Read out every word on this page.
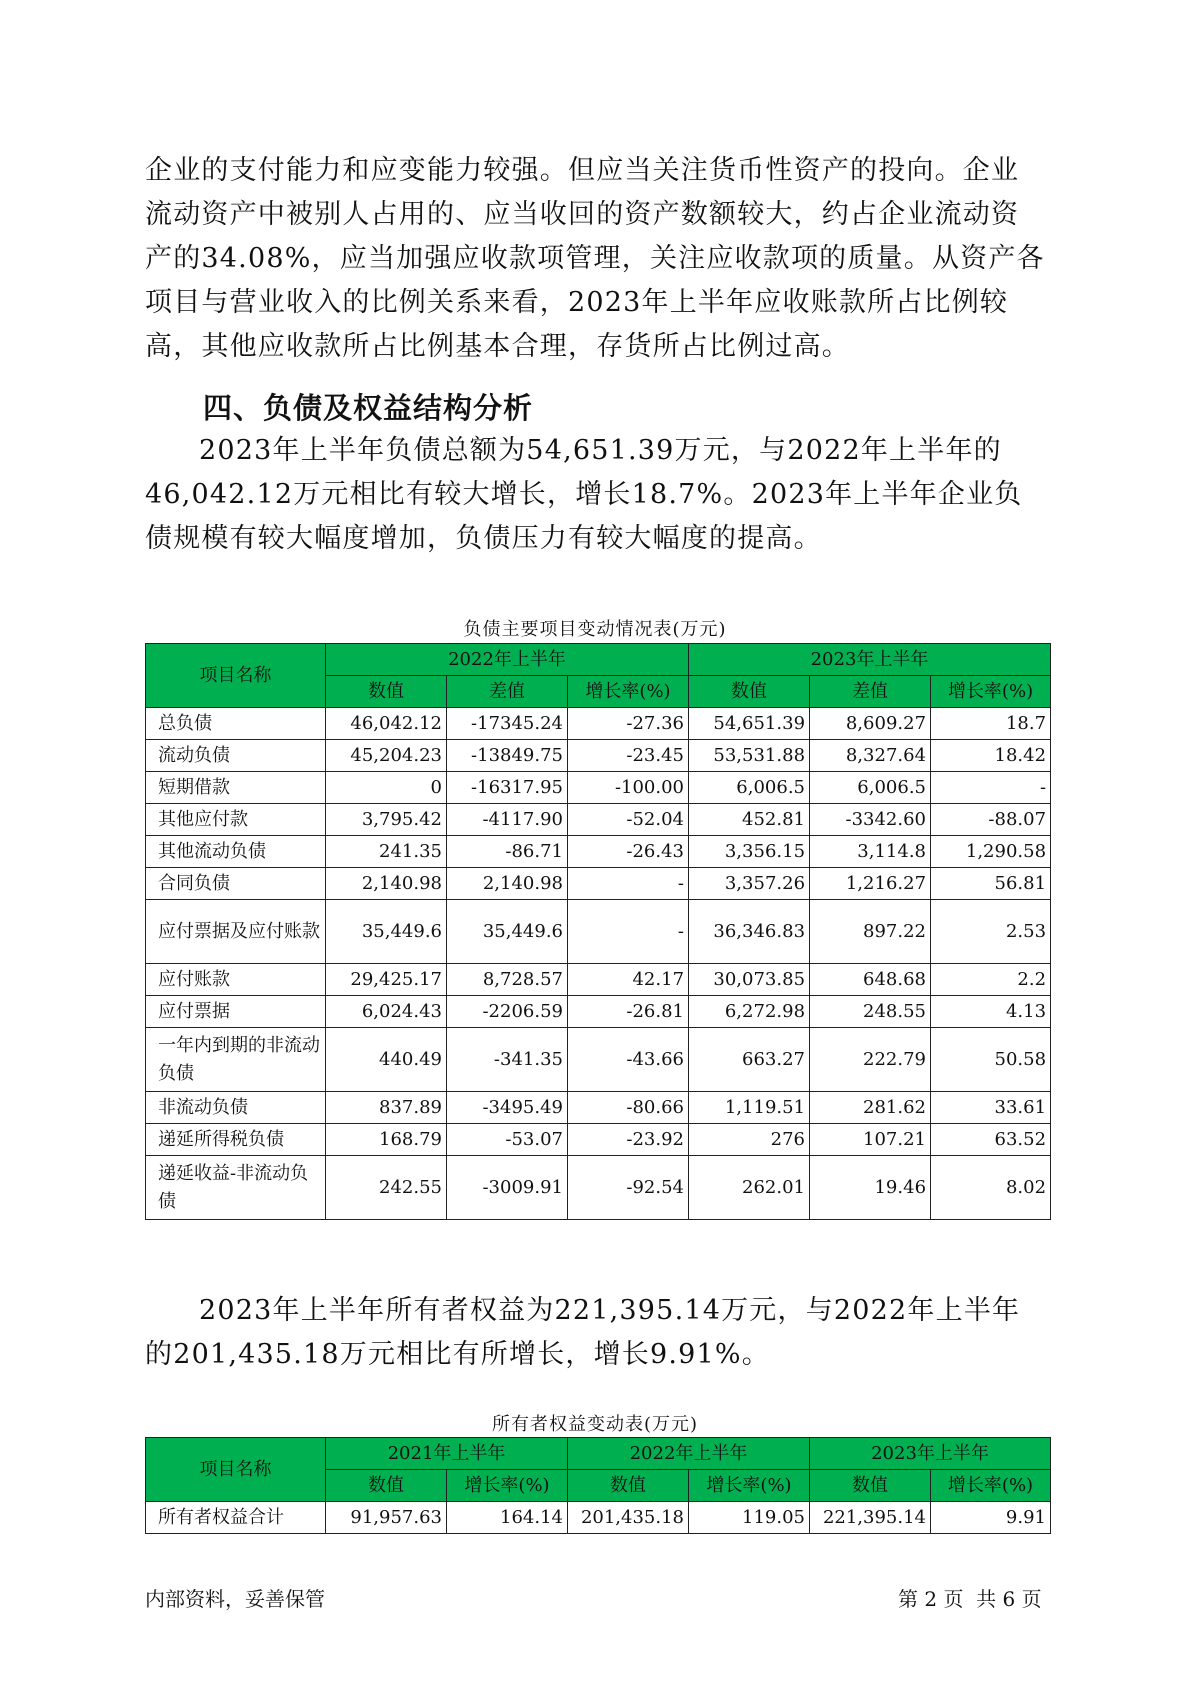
企业的支付能力和应变能力较强。但应当关注货币性资产的投向。企业流动资产中被别人占用的、应当收回的资产数额较大，约占企业流动资产的34.08%，应当加强应收款项管理，关注应收款项的质量。从资产各项目与营业收入的比例关系来看，2023年上半年应收账款所占比例较高，其他应收款所占比例基本合理，存货所占比例过高。

四、负债及权益结构分析

2023年上半年负债总额为54,651.39万元，与2022年上半年的46,042.12万元相比有较大增长，增长18.7%。2023年上半年企业负债规模有较大幅度增加，负债压力有较大幅度的提高。

负债主要项目变动情况表(万元)
项目名称	2022年上半年			2023年上半年		
	数值	差值	增长率(%)	数值	差值	增长率(%)
总负债	46,042.12	-17345.24	-27.36	54,651.39	8,609.27	18.7
流动负债	45,204.23	-13849.75	-23.45	53,531.88	8,327.64	18.42
短期借款	0	-16317.95	-100.00	6,006.5	6,006.5	-
其他应付款	3,795.42	-4117.90	-52.04	452.81	-3342.60	-88.07
其他流动负债	241.35	-86.71	-26.43	3,356.15	3,114.8	1,290.58
合同负债	2,140.98	2,140.98	-	3,357.26	1,216.27	56.81
应付票据及应付账款	35,449.6	35,449.6	-	36,346.83	897.22	2.53
应付账款	29,425.17	8,728.57	42.17	30,073.85	648.68	2.2
应付票据	6,024.43	-2206.59	-26.81	6,272.98	248.55	4.13
一年内到期的非流动负债	440.49	-341.35	-43.66	663.27	222.79	50.58
非流动负债	837.89	-3495.49	-80.66	1,119.51	281.62	33.61
递延所得税负债	168.79	-53.07	-23.92	276	107.21	63.52
递延收益-非流动负债	242.55	-3009.91	-92.54	262.01	19.46	8.02

2023年上半年所有者权益为221,395.14万元，与2022年上半年的201,435.18万元相比有所增长，增长9.91%。

所有者权益变动表(万元)
项目名称	2021年上半年		2022年上半年		2023年上半年	
	数值	增长率(%)	数值	增长率(%)	数值	增长率(%)
所有者权益合计	91,957.63	164.14	201,435.18	119.05	221,395.14	9.91
内部资料，妥善保管	第 2 页  共 6 页
